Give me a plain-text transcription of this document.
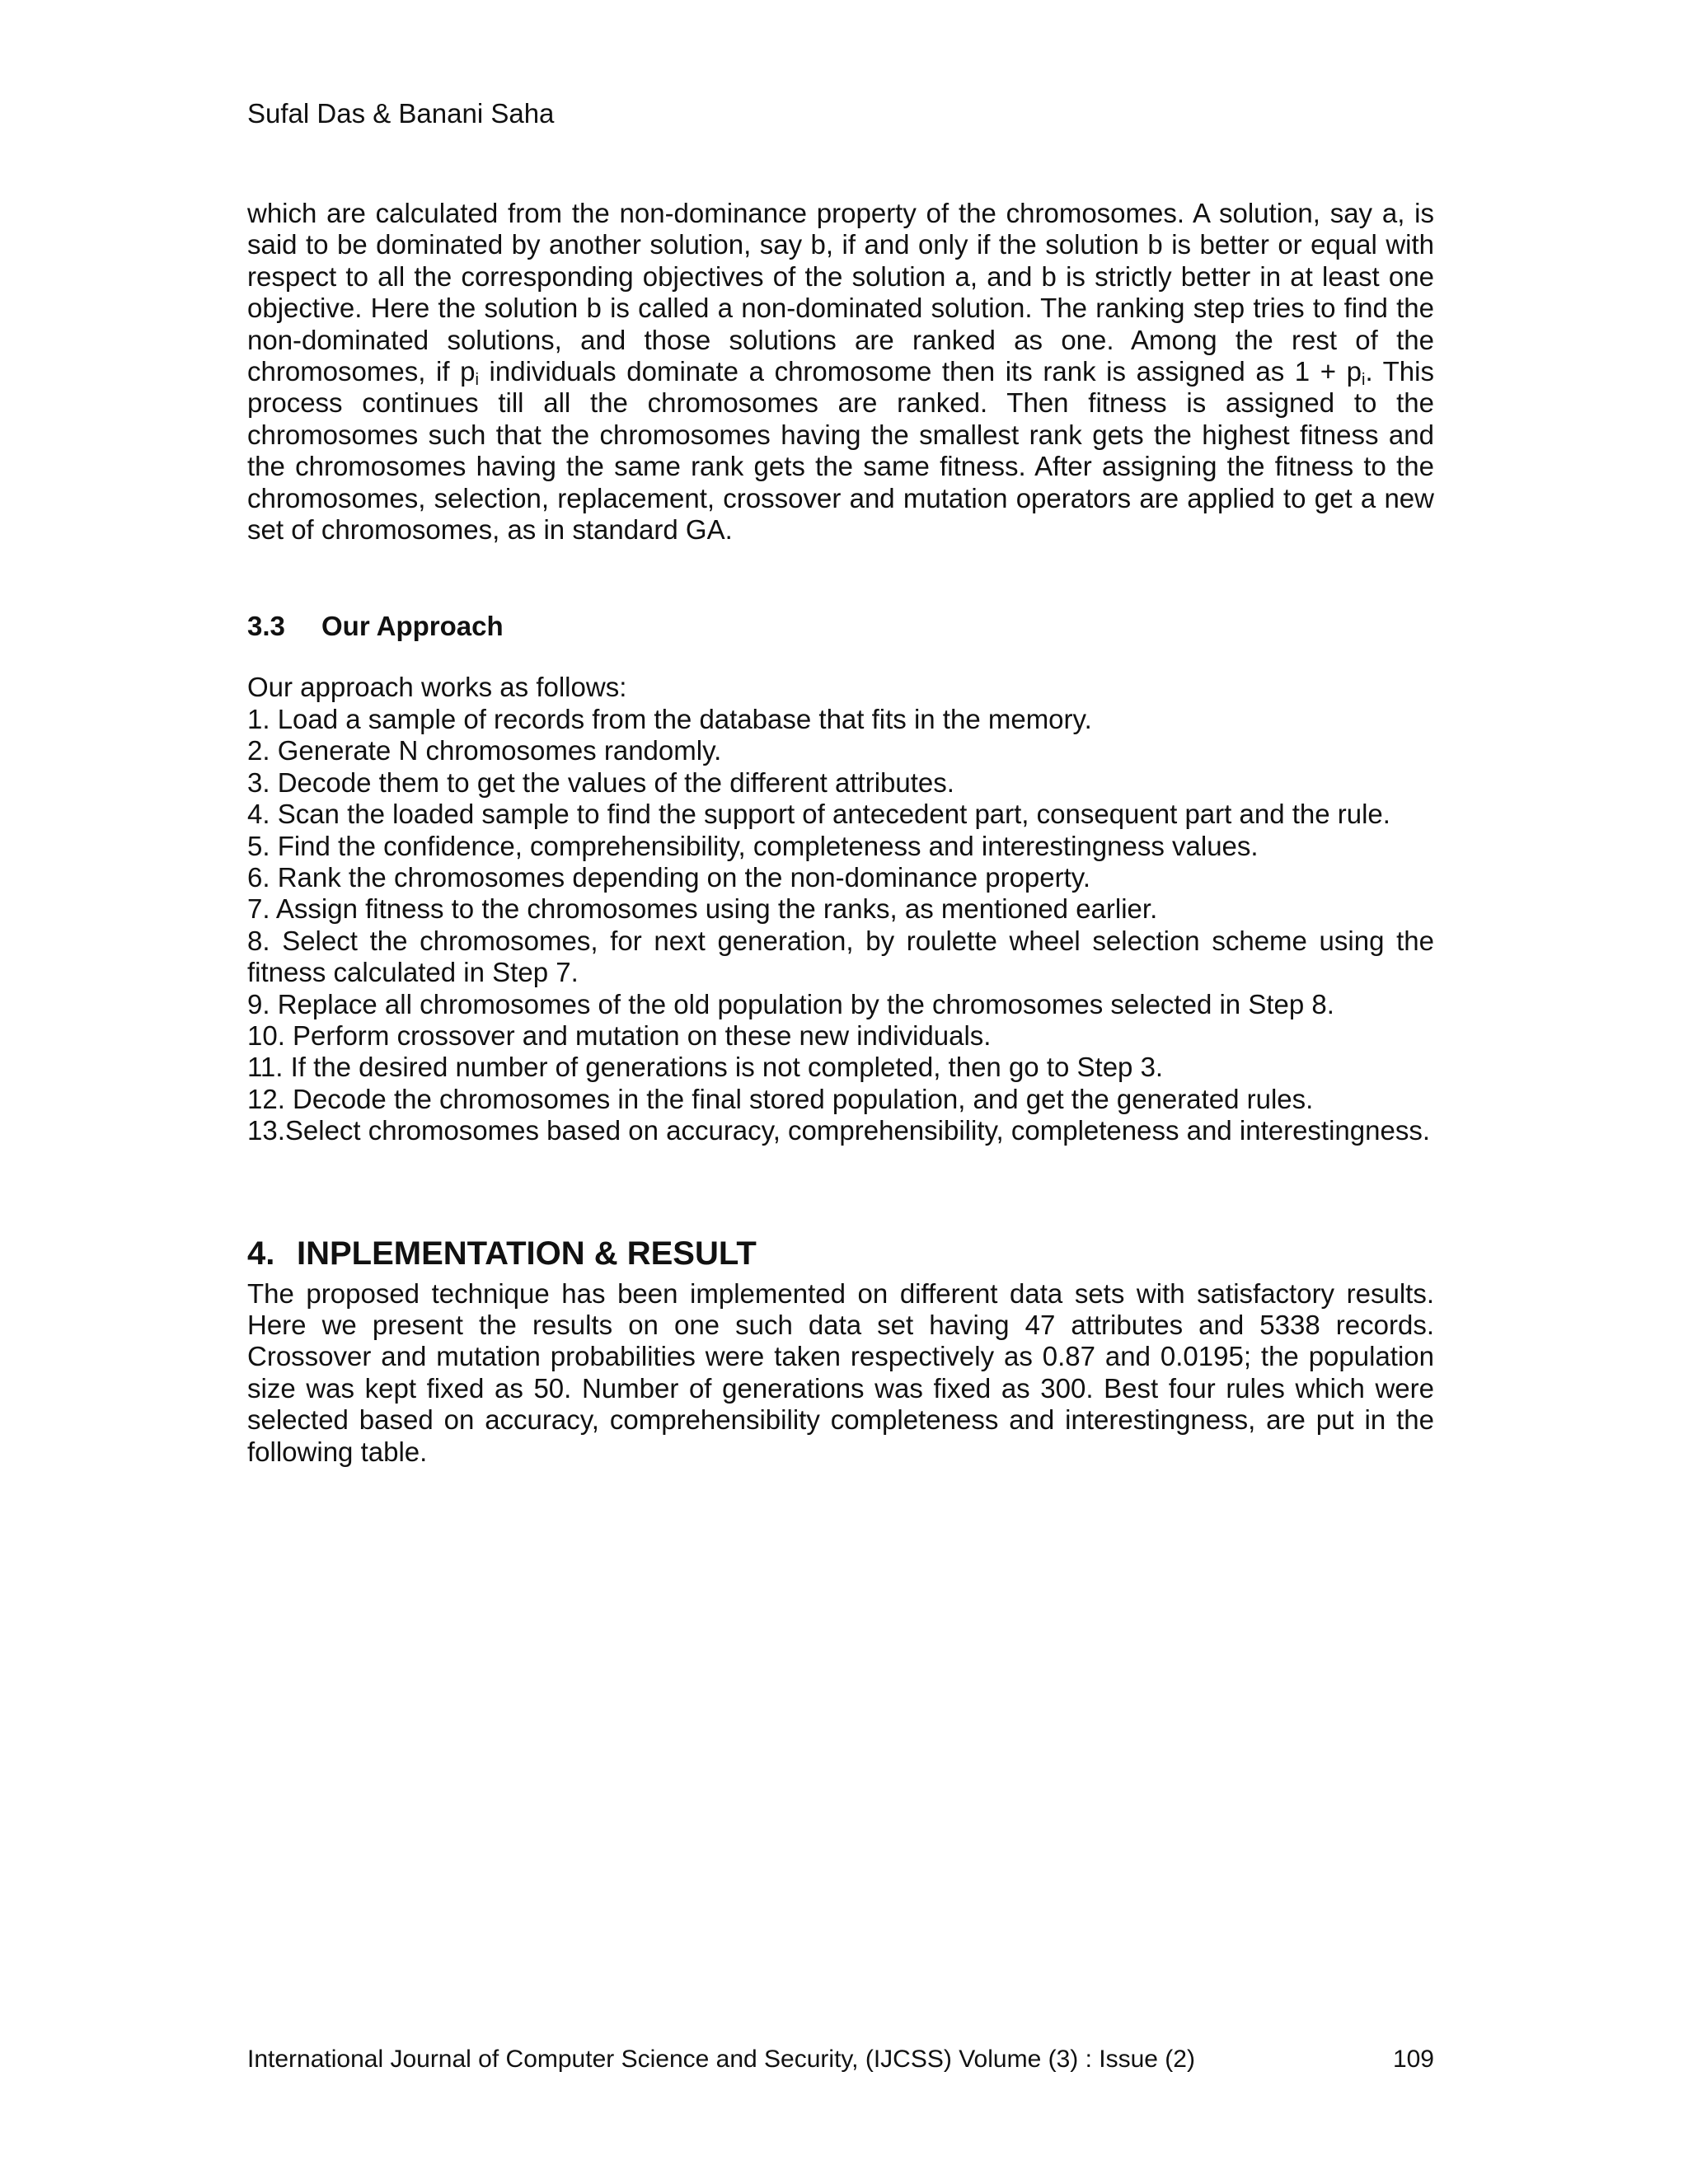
Sufal Das & Banani Saha

which are calculated from the non-dominance property of the chromosomes. A solution, say a, is said to be dominated by another solution, say b, if and only if the solution b is better or equal with respect to all the corresponding objectives of the solution a, and b is strictly better in at least one objective. Here the solution b is called a non-dominated solution. The ranking step tries to find the non-dominated solutions, and those solutions are ranked as one. Among the rest of the chromosomes, if $p_i$ individuals dominate a chromosome then its rank is assigned as $1 + p_i$. This process continues till all the chromosomes are ranked. Then fitness is assigned to the chromosomes such that the chromosomes having the smallest rank gets the highest fitness and the chromosomes having the same rank gets the same fitness. After assigning the fitness to the chromosomes, selection, replacement, crossover and mutation operators are applied to get a new set of chromosomes, as in standard GA.

3.3 Our Approach

Our approach works as follows:

1. Load a sample of records from the database that fits in the memory.
2. Generate N chromosomes randomly.
3. Decode them to get the values of the different attributes.
4. Scan the loaded sample to find the support of antecedent part, consequent part and the rule.
5. Find the confidence, comprehensibility, completeness and interestingness values.
6. Rank the chromosomes depending on the non-dominance property.
7. Assign fitness to the chromosomes using the ranks, as mentioned earlier.
8. Select the chromosomes, for next generation, by roulette wheel selection scheme using the fitness calculated in Step 7.
9. Replace all chromosomes of the old population by the chromosomes selected in Step 8.
10. Perform crossover and mutation on these new individuals.
11. If the desired number of generations is not completed, then go to Step 3.
12. Decode the chromosomes in the final stored population, and get the generated rules.
13.Select chromosomes based on accuracy, comprehensibility, completeness and interestingness.
4. INPLEMENTATION & RESULT

The proposed technique has been implemented on different data sets with satisfactory results. Here we present the results on one such data set having 47 attributes and 5338 records. Crossover and mutation probabilities were taken respectively as 0.87 and 0.0195; the population size was kept fixed as 50. Number of generations was fixed as 300. Best four rules which were selected based on accuracy, comprehensibility completeness and interestingness, are put in the following table.

International Journal of Computer Science and Security, (IJCSS) Volume (3) : Issue (2)	109
